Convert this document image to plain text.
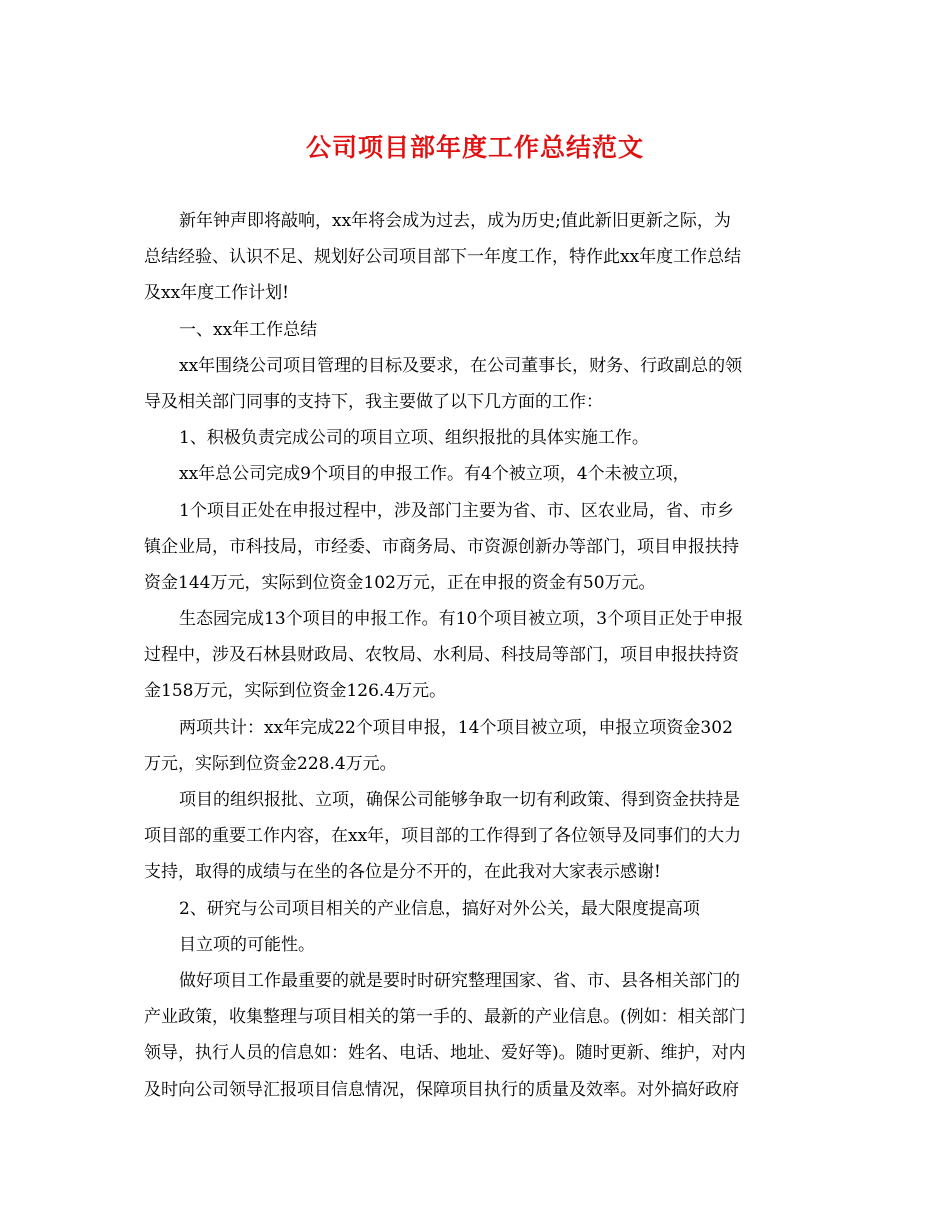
公司项目部年度工作总结范文
新年钟声即将敲响，xx年将会成为过去，成为历史;值此新旧更新之际，为
总结经验、认识不足、规划好公司项目部下一年度工作，特作此xx年度工作总结
及xx年度工作计划!
一、xx年工作总结
xx年围绕公司项目管理的目标及要求，在公司董事长，财务、行政副总的领
导及相关部门同事的支持下，我主要做了以下几方面的工作：
1、积极负责完成公司的项目立项、组织报批的具体实施工作。
xx年总公司完成9个项目的申报工作。有4个被立项，4个未被立项，
1个项目正处在申报过程中，涉及部门主要为省、市、区农业局，省、市乡
镇企业局，市科技局，市经委、市商务局、市资源创新办等部门，项目申报扶持
资金144万元，实际到位资金102万元，正在申报的资金有50万元。
生态园完成13个项目的申报工作。有10个项目被立项，3个项目正处于申报
过程中，涉及石林县财政局、农牧局、水利局、科技局等部门，项目申报扶持资
金158万元，实际到位资金126.4万元。
两项共计：xx年完成22个项目申报，14个项目被立项，申报立项资金302
万元，实际到位资金228.4万元。
项目的组织报批、立项，确保公司能够争取一切有利政策、得到资金扶持是
项目部的重要工作内容，在xx年，项目部的工作得到了各位领导及同事们的大力
支持，取得的成绩与在坐的各位是分不开的，在此我对大家表示感谢!
2、研究与公司项目相关的产业信息，搞好对外公关，最大限度提高项
目立项的可能性。
做好项目工作最重要的就是要时时研究整理国家、省、市、县各相关部门的
产业政策，收集整理与项目相关的第一手的、最新的产业信息。(例如：相关部门
领导，执行人员的信息如：姓名、电话、地址、爱好等)。随时更新、维护，对内
及时向公司领导汇报项目信息情况，保障项目执行的质量及效率。对外搞好政府
